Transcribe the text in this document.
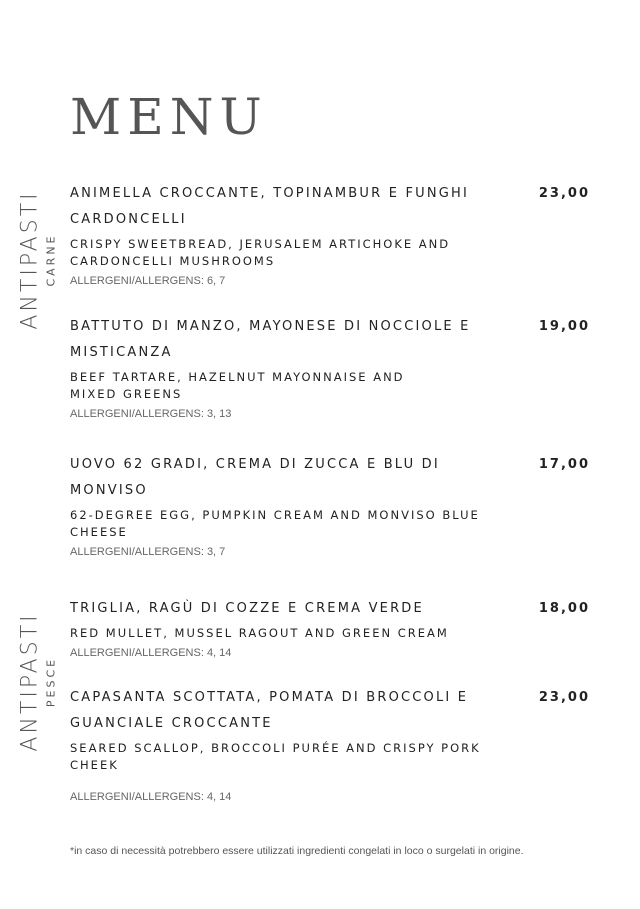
MENU
ANTIPASTI CARNE
ANTIPASTI PESCE
ANIMELLA CROCCANTE, TOPINAMBUR E FUNGHI CARDONCELLI
23,00
CRISPY SWEETBREAD, JERUSALEM ARTICHOKE AND CARDONCELLI MUSHROOMS
ALLERGENI/ALLERGENS: 6, 7
BATTUTO DI MANZO, MAYONESE DI NOCCIOLE E MISTICANZA
19,00
BEEF TARTARE, HAZELNUT MAYONNAISE AND MIXED GREENS
ALLERGENI/ALLERGENS: 3, 13
UOVO 62 GRADI, CREMA DI ZUCCA E BLU DI MONVISO
17,00
62-DEGREE EGG, PUMPKIN CREAM AND MONVISO BLUE CHEESE
ALLERGENI/ALLERGENS: 3, 7
TRIGLIA, RAGÙ DI COZZE E CREMA VERDE	18,00
RED MULLET, MUSSEL RAGOUT AND GREEN CREAM
ALLERGENI/ALLERGENS: 4, 14
CAPASANTA SCOTTATA, POMATA DI BROCCOLI E GUANCIALE CROCCANTE
23,00
SEARED SCALLOP, BROCCOLI PURÉE AND CRISPY PORK CHEEK
ALLERGENI/ALLERGENS: 4, 14
*in caso di necessità potrebbero essere utilizzati ingredienti congelati in loco o surgelati in origine.
